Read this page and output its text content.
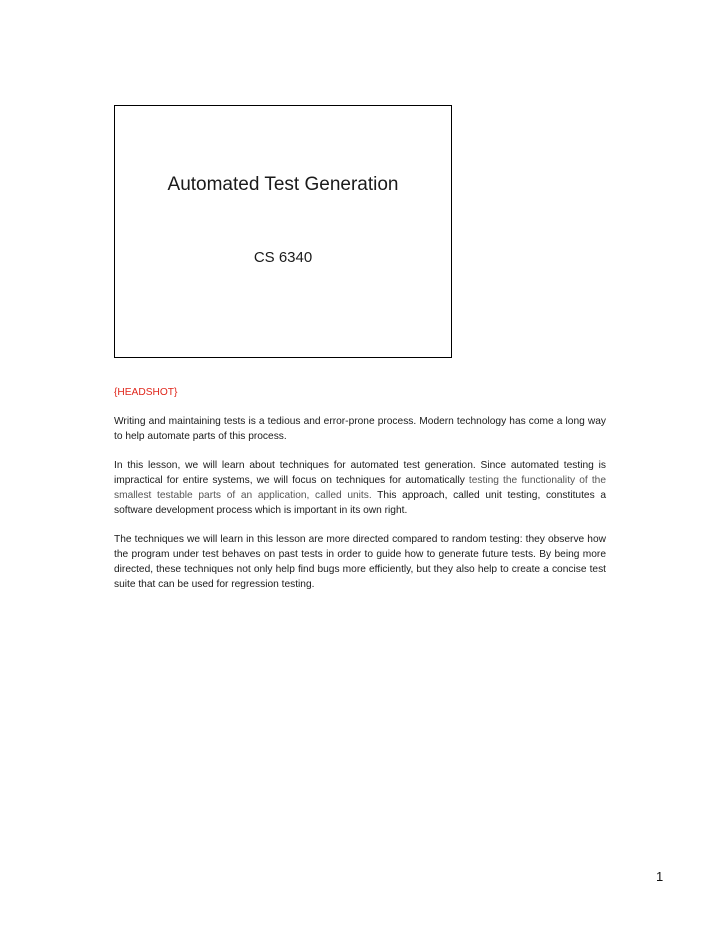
Automated Test Generation
CS 6340

{HEADSHOT}

Writing and maintaining tests is a tedious and error-prone process. Modern technology has come a long way to help automate parts of this process.

In this lesson, we will learn about techniques for automated test generation. Since automated testing is impractical for entire systems, we will focus on techniques for automatically testing the functionality of the smallest testable parts of an application, called units. This approach, called unit testing, constitutes a software development process which is important in its own right.

The techniques we will learn in this lesson are more directed compared to random testing: they observe how the program under test behaves on past tests in order to guide how to generate future tests. By being more directed, these techniques not only help find bugs more efficiently, but they also help to create a concise test suite that can be used for regression testing.

1
